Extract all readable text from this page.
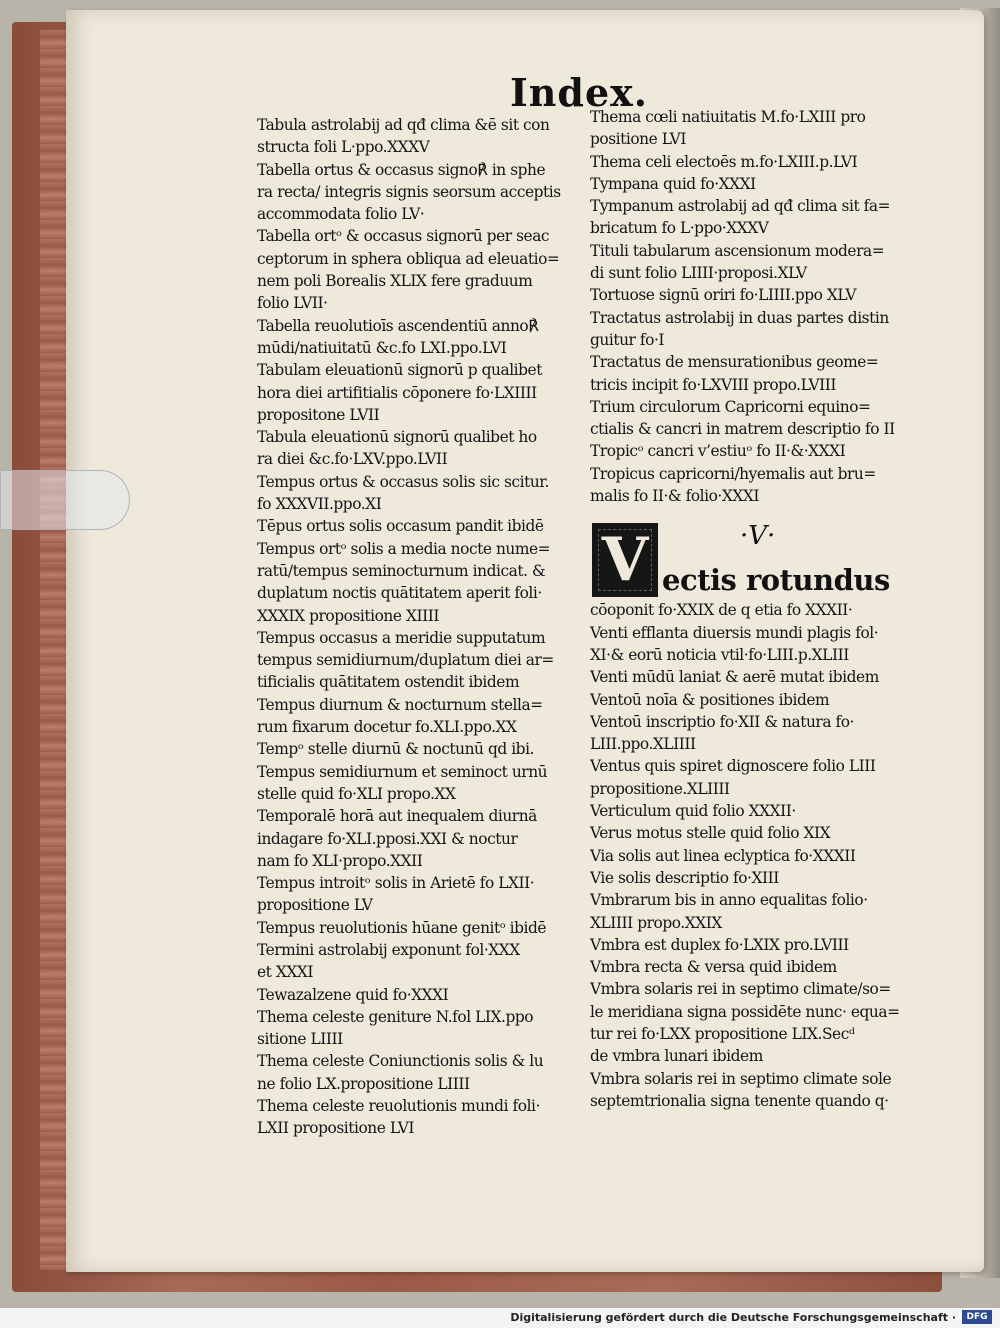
Index.
Tabula astrolabij ad qđ clima &ē sit con
structa foli L·ppo.XXXV
Tabella ortus & occasus signo℟ in sphe
ra recta/ integris signis seorsum acceptis
accommodata folio LV·
Tabella ortᵒ & occasus signorū per seac
ceptorum in sphera obliqua ad eleuatio=
nem poli Borealis XLIX fere graduum
folio LVII·
Tabella reuolutioīs ascendentiū anno℟
mūdi/natiuitatū &c.fo LXI.ppo.LVI
Tabulam eleuationū signorū p qualibet
hora diei artifitialis cōponere fo·LXIIII
propositone LVII
Tabula eleuationū signorū qualibet ho
ra diei &c.fo·LXV.ppo.LVII
Tempus ortus & occasus solis sic scitur.
fo XXXVII.ppo.XI
Tēpus ortus solis occasum pandit ibidē
Tempus ortᵒ solis a media nocte nume=
ratū/tempus seminocturnum indicat. &
duplatum noctis quātitatem aperit foli·
XXXIX propositione XIIII
Tempus occasus a meridie supputatum
tempus semidiurnum/duplatum diei ar=
tificialis quātitatem ostendit ibidem
Tempus diurnum & nocturnum stella=
rum fixarum docetur fo.XLI.ppo.XX
Tempᵒ stelle diurnū & noctunū qd ibi.
Tempus semidiurnum et seminoct urnū
stelle quid fo·XLI propo.XX
Temporalē horā aut inequalem diurnā
indagare fo·XLI.pposi.XXI & noctur
nam fo XLI·propo.XXII
Tempus introitᵒ solis in Arietē fo LXII·
propositione LV
Tempus reuolutionis hūane genitᵒ ibidē
Termini astrolabij exponunt fol·XXX
et XXXI
Tewazalzene quid fo·XXXI
Thema celeste geniture N.fol LIX.ppo
sitione LIIII
Thema celeste Coniunctionis solis & lu
ne folio LX.propositione LIIII
Thema celeste reuolutionis mundi foli·
LXII propositione LVI
Thema cœli natiuitatis M.fo·LXIII pro
positione LVI
Thema celi electoēs m.fo·LXIII.p.LVI
Tympana quid fo·XXXI
Tympanum astrolabij ad qđ clima sit fa=
bricatum fo L·ppo·XXXV
Tituli tabularum ascensionum modera=
di sunt folio LIIII·proposi.XLV
Tortuose signū oriri fo·LIIII.ppo XLV
Tractatus astrolabij in duas partes distin
guitur fo·I
Tractatus de mensurationibus geome=
tricis incipit fo·LXVIII propo.LVIII
Trium circulorum Capricorni equino=
ctialis & cancri in matrem descriptio fo II
Tropicᵒ cancri v’estiuᵒ fo II·&·XXXI
Tropicus capricorni/hyemalis aut bru=
malis fo II·& folio·XXXI
V	·V·
ectis rotundus
cōoponit fo·XXIX de q etia fo XXXII·
Venti efflanta diuersis mundi plagis fol·
XI·& eorū noticia vtil·fo·LIII.p.XLIII
Venti mūdū laniat & aerē mutat ibidem
Ventoū noīa & positiones ibidem
Ventoū inscriptio fo·XII & natura fo·
LIII.ppo.XLIIII
Ventus quis spiret dignoscere folio LIII
propositione.XLIIII
Verticulum quid folio XXXII·
Verus motus stelle quid folio XIX
Via solis aut linea eclyptica fo·XXXII
Vie solis descriptio fo·XIII
Vmbrarum bis in anno equalitas folio·
XLIIII propo.XXIX
Vmbra est duplex fo·LXIX pro.LVIII
Vmbra recta & versa quid ibidem
Vmbra solaris rei in septimo climate/so=
le meridiana signa possidēte nunc· equa=
tur rei fo·LXX propositione LIX.Secᵈ
de vmbra lunari ibidem
Vmbra solaris rei in septimo climate sole
septemtrionalia signa tenente quando q·
Digitalisierung gefördert durch die Deutsche Forschungsgemeinschaft ·	DFG
